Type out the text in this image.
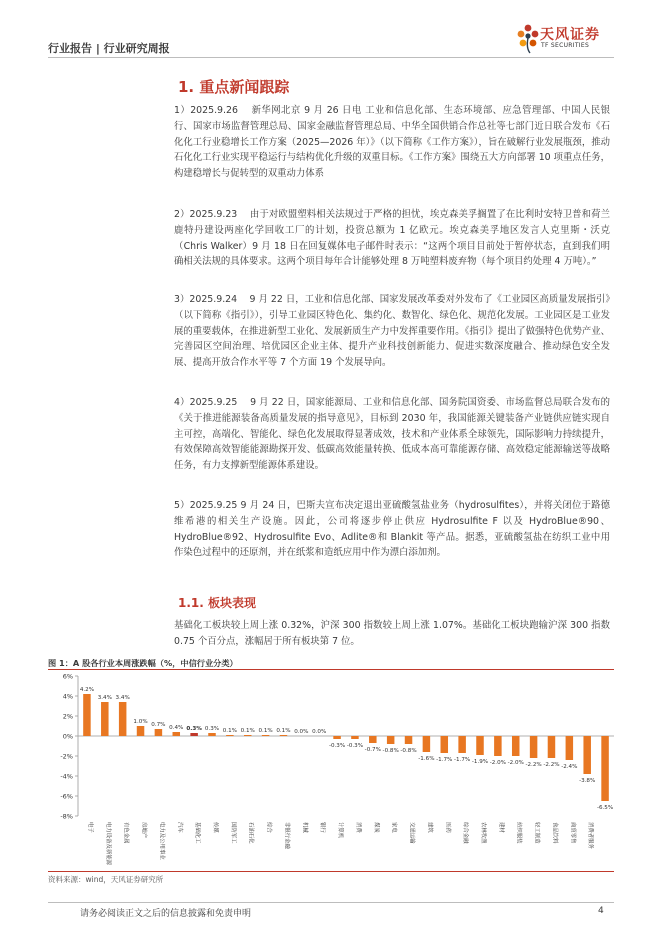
行业报告 | 行业研究周报
天风证券
TF SECURITIES
1. 重点新闻跟踪
1）2025.9.26　 新华网北京 9 月 26 日电 工业和信息化部、生态环境部、应急管理部、中国人民银行、国家市场监督管理总局、国家金融监督管理总局、中华全国供销合作总社等七部门近日联合发布《石化化工行业稳增长工作方案（2025—2026 年）》（以下简称《工作方案》），旨在破解行业发展瓶颈，推动石化化工行业实现平稳运行与结构优化升级的双重目标。《工作方案》围绕五大方向部署 10 项重点任务，构建稳增长与促转型的双重动力体系
2）2025.9.23　 由于对欧盟塑料相关法规过于严格的担忧，埃克森美孚搁置了在比利时安特卫普和荷兰鹿特丹建设两座化学回收工厂的计划，投资总额为 1 亿欧元。埃克森美孚地区发言人克里斯・沃克（Chris Walker）9 月 18 日在回复媒体电子邮件时表示：“这两个项目目前处于暂停状态，直到我们明确相关法规的具体要求。这两个项目每年合计能够处理 8 万吨塑料废弃物（每个项目约处理 4 万吨）。”
3）2025.9.24　 9 月 22 日，工业和信息化部、国家发展改革委对外发布了《工业园区高质量发展指引》（以下简称《指引》），引导工业园区特色化、集约化、数智化、绿色化、规范化发展。工业园区是工业发展的重要载体，在推进新型工业化、发展新质生产力中发挥重要作用。《指引》提出了做强特色优势产业、完善园区空间治理、培优园区企业主体、提升产业科技创新能力、促进实数深度融合、推动绿色安全发展、提高开放合作水平等 7 个方面 19 个发展导向。
4）2025.9.25　 9 月 22 日，国家能源局、工业和信息化部、国务院国资委、市场监督总局联合发布的《关于推进能源装备高质量发展的指导意见》，目标到 2030 年，我国能源关键装备产业链供应链实现自主可控，高端化、智能化、绿色化发展取得显著成效，技术和产业体系全球领先，国际影响力持续提升，有效保障高效智能能源勘探开发、低碳高效能量转换、低成本高可靠能源存储、高效稳定能源输送等战略任务，有力支撑新型能源体系建设。
5）2025.9.25 9 月 24 日，巴斯夫宣布决定退出亚硫酸氢盐业务（hydrosulfites），并将关闭位于路德维希港的相关生产设施。因此，公司将逐步停止供应 Hydrosulfite F 以及 HydroBlue®90、HydroBlue®92、Hydrosulfite Evo、Adlite®和 Blankit 等产品。据悉，亚硫酸氢盐在纺织工业中用作染色过程中的还原剂，并在纸浆和造纸应用中作为漂白添加剂。
1.1. 板块表现
基础化工板块较上周上涨 0.32%，沪深 300 指数较上周上涨 1.07%。基础化工板块跑输沪深 300 指数 0.75 个百分点，涨幅居于所有板块第 7 位。
图 1：A 股各行业本周涨跌幅（%，中信行业分类）
6%
4%
2%
0%
-2%
-4%
-6%
-8%
4.2%
电子
3.4%
电力设备及新能源
3.4%
有色金属
1.0%
房地产
0.7%
电力及公用事业
0.4%
汽车
0.3%
基础化工
0.3%
传媒
0.1%
国防军工
0.1%
石油石化
0.1%
综合
0.1%
非银行金融
0.0%
机械
0.0%
银行
-0.3%
计算机
-0.3%
消费
-0.7%
煤炭
-0.8%
家电
-0.8%
交通运输
-1.6%
建筑
-1.7%
医药
-1.7%
综合金融
-1.9%
农林牧渔
-2.0%
建材
-2.0%
纺织服装
-2.2%
轻工制造
-2.2%
食品饮料
-2.4%
商贸零售
-3.8%
消费者服务
-6.5%
资料来源：wind，天风证券研究所
请务必阅读正文之后的信息披露和免责申明	4
